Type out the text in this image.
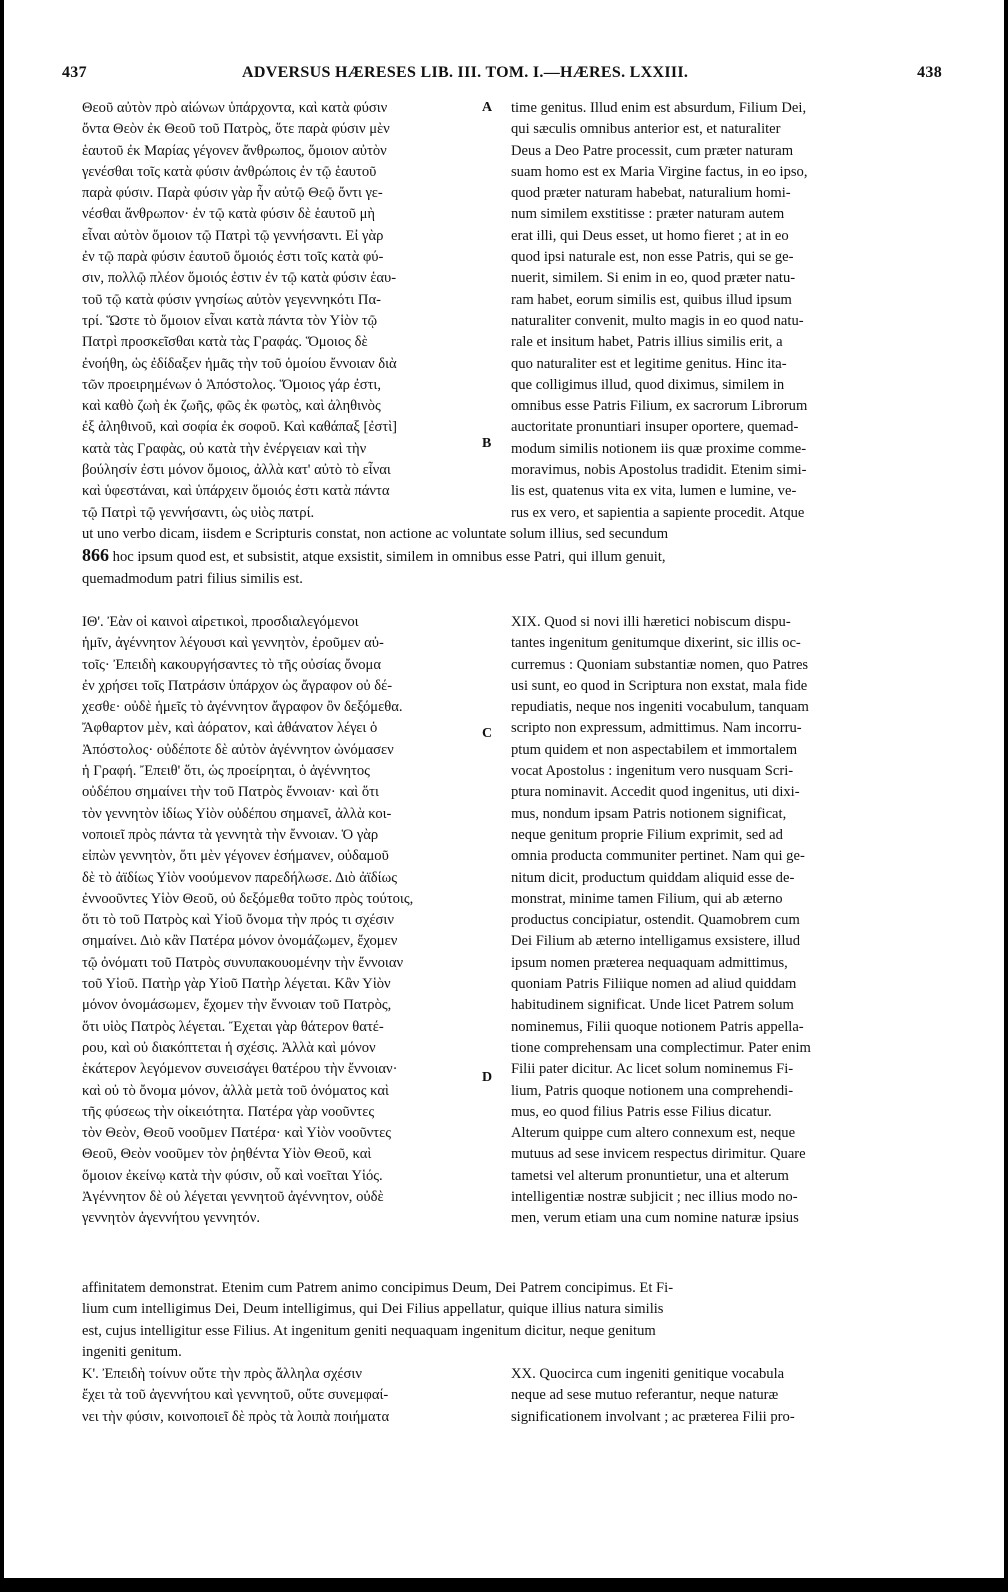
437	ADVERSUS HÆRESES LIB. III. TOM. I.—HÆRES. LXXIII.	438
Θεοῦ αὐτὸν πρὸ αἰώνων ὑπάρχοντα, καὶ κατὰ φύσιν
ὄντα Θεὸν ἐκ Θεοῦ τοῦ Πατρὸς, ὅτε παρὰ φύσιν μὲν
ἑαυτοῦ ἐκ Μαρίας γέγονεν ἄνθρωπος, ὅμοιον αὐτὸν
γενέσθαι τοῖς κατὰ φύσιν ἀνθρώποις ἐν τῷ ἑαυτοῦ
παρὰ φύσιν. Παρὰ φύσιν γὰρ ἦν αὐτῷ Θεῷ ὄντι γε-
νέσθαι ἄνθρωπον· ἐν τῷ κατὰ φύσιν δὲ ἑαυτοῦ μὴ
εἶναι αὐτὸν ὅμοιον τῷ Πατρὶ τῷ γεννήσαντι. Εἰ γὰρ
ἐν τῷ παρὰ φύσιν ἑαυτοῦ ὅμοιός ἐστι τοῖς κατὰ φύ-
σιν, πολλῷ πλέον ὅμοιός ἐστιν ἐν τῷ κατὰ φύσιν ἑαυ-
τοῦ τῷ κατὰ φύσιν γνησίως αὐτὸν γεγεννηκότι Πα-
τρί. Ὥστε τὸ ὅμοιον εἶναι κατὰ πάντα τὸν Υἱὸν τῷ
Πατρὶ προσκεῖσθαι κατὰ τὰς Γραφάς. Ὅμοιος δὲ
ἐνοήθη, ὡς ἐδίδαξεν ἡμᾶς τὴν τοῦ ὁμοίου ἔννοιαν διὰ
τῶν προειρημένων ὁ Ἀπόστολος. Ὅμοιος γάρ ἐστι,
καὶ καθὸ ζωὴ ἐκ ζωῆς, φῶς ἐκ φωτὸς, καὶ ἀληθινὸς
ἐξ ἀληθινοῦ, καὶ σοφία ἐκ σοφοῦ. Καὶ καθάπαξ [ἐστὶ]
κατὰ τὰς Γραφὰς, οὐ κατὰ τὴν ἐνέργειαν καὶ τὴν
βούλησίν ἐστι μόνον ὅμοιος, ἀλλὰ κατ' αὐτὸ τὸ εἶναι
καὶ ὑφεστάναι, καὶ ὑπάρχειν ὅμοιός ἐστι κατὰ πάντα
τῷ Πατρὶ τῷ γεννήσαντι, ὡς υἱὸς πατρί.
time genitus. Illud enim est absurdum, Filium Dei,
qui sæculis omnibus anterior est, et naturaliter
Deus a Deo Patre processit, cum præter naturam
suam homo est ex Maria Virgine factus, in eo ipso,
quod præter naturam habebat, naturalium homi-
num similem exstitisse : præter naturam autem
erat illi, qui Deus esset, ut homo fieret ; at in eo
quod ipsi naturale est, non esse Patris, qui se ge-
nuerit, similem. Si enim in eo, quod præter natu-
ram habet, eorum similis est, quibus illud ipsum
naturaliter convenit, multo magis in eo quod natu-
rale et insitum habet, Patris illius similis erit, a
quo naturaliter est et legitime genitus. Hinc ita-
que colligimus illud, quod diximus, similem in
omnibus esse Patris Filium, ex sacrorum Librorum
auctoritate pronuntiari insuper oportere, quemad-
modum similis notionem iis quæ proxime comme-
moravimus, nobis Apostolus tradidit. Etenim simi-
lis est, quatenus vita ex vita, lumen e lumine, ve-
rus ex vero, et sapientia a sapiente procedit. Atque
A
B
ut uno verbo dicam, iisdem e Scripturis constat, non actione ac voluntate solum illius, sed secundum
866 hoc ipsum quod est, et subsistit, atque exsistit, similem in omnibus esse Patri, qui illum genuit,
quemadmodum patri filius similis est.
ΙΘ'. Ἐὰν οἱ καινοὶ αἱρετικοὶ, προσδιαλεγόμενοι
ἡμῖν, ἀγέννητον λέγουσι καὶ γεννητὸν, ἐροῦμεν αὐ-
τοῖς· Ἐπειδὴ κακουργήσαντες τὸ τῆς οὐσίας ὄνομα
ἐν χρήσει τοῖς Πατράσιν ὑπάρχον ὡς ἄγραφον οὐ δέ-
χεσθε· οὐδὲ ἡμεῖς τὸ ἀγέννητον ἄγραφον ὂν δεξόμεθα.
Ἄφθαρτον μὲν, καὶ ἀόρατον, καὶ ἀθάνατον λέγει ὁ
Ἀπόστολος· οὐδέποτε δὲ αὐτὸν ἀγέννητον ὠνόμασεν
ἡ Γραφή. Ἔπειθ' ὅτι, ὡς προείρηται, ὁ ἀγέννητος
οὐδέπου σημαίνει τὴν τοῦ Πατρὸς ἔννοιαν· καὶ ὅτι
τὸν γεννητὸν ἰδίως Υἱὸν οὐδέπου σημανεῖ, ἀλλὰ κοι-
νοποιεῖ πρὸς πάντα τὰ γεννητὰ τὴν ἔννοιαν. Ὁ γὰρ
εἰπὼν γεννητὸν, ὅτι μὲν γέγονεν ἐσήμανεν, οὐδαμοῦ
δὲ τὸ ἀϊδίως Υἱὸν νοούμενον παρεδήλωσε. Διὸ ἀϊδίως
ἐννοοῦντες Υἱὸν Θεοῦ, οὐ δεξόμεθα τοῦτο πρὸς τούτοις,
ὅτι τὸ τοῦ Πατρὸς καὶ Υἱοῦ ὄνομα τὴν πρός τι σχέσιν
σημαίνει. Διὸ κἂν Πατέρα μόνον ὀνομάζωμεν, ἔχομεν
τῷ ὀνόματι τοῦ Πατρὸς συνυπακουομένην τὴν ἔννοιαν
τοῦ Υἱοῦ. Πατὴρ γὰρ Υἱοῦ Πατὴρ λέγεται. Κἂν Υἱὸν
μόνον ὀνομάσωμεν, ἔχομεν τὴν ἔννοιαν τοῦ Πατρὸς,
ὅτι υἱὸς Πατρὸς λέγεται. Ἔχεται γὰρ θάτερον θατέ-
ρου, καὶ οὐ διακόπτεται ἡ σχέσις. Ἀλλὰ καὶ μόνον
ἑκάτερον λεγόμενον συνεισάγει θατέρου τὴν ἔννοιαν·
καὶ οὐ τὸ ὄνομα μόνον, ἀλλὰ μετὰ τοῦ ὀνόματος καὶ
τῆς φύσεως τὴν οἰκειότητα. Πατέρα γὰρ νοοῦντες
τὸν Θεὸν, Θεοῦ νοοῦμεν Πατέρα· καὶ Υἱὸν νοοῦντες
Θεοῦ, Θεὸν νοοῦμεν τὸν ῥηθέντα Υἱὸν Θεοῦ, καὶ
ὅμοιον ἐκείνῳ κατὰ τὴν φύσιν, οὗ καὶ νοεῖται Υἱός.
Ἀγέννητον δὲ οὐ λέγεται γεννητοῦ ἀγέννητον, οὐδὲ
γεννητὸν ἀγεννήτου γεννητόν.
XIX. Quod si novi illi hæretici nobiscum dispu-
tantes ingenitum genitumque dixerint, sic illis oc-
curremus : Quoniam substantiæ nomen, quo Patres
usi sunt, eo quod in Scriptura non exstat, mala fide
repudiatis, neque nos ingeniti vocabulum, tanquam
scripto non expressum, admittimus. Nam incorru-
ptum quidem et non aspectabilem et immortalem
vocat Apostolus : ingenitum vero nusquam Scri-
ptura nominavit. Accedit quod ingenitus, uti dixi-
mus, nondum ipsam Patris notionem significat,
neque genitum proprie Filium exprimit, sed ad
omnia producta communiter pertinet. Nam qui ge-
nitum dicit, productum quiddam aliquid esse de-
monstrat, minime tamen Filium, qui ab æterno
productus concipiatur, ostendit. Quamobrem cum
Dei Filium ab æterno intelligamus exsistere, illud
ipsum nomen præterea nequaquam admittimus,
quoniam Patris Filiique nomen ad aliud quiddam
habitudinem significat. Unde licet Patrem solum
nominemus, Filii quoque notionem Patris appella-
tione comprehensam una complectimur. Pater enim
Filii pater dicitur. Ac licet solum nominemus Fi-
lium, Patris quoque notionem una comprehendi-
mus, eo quod filius Patris esse Filius dicatur.
Alterum quippe cum altero connexum est, neque
mutuus ad sese invicem respectus dirimitur. Quare
tametsi vel alterum pronuntietur, una et alterum
intelligentiæ nostræ subjicit ; nec illius modo no-
men, verum etiam una cum nomine naturæ ipsius
C
D
affinitatem demonstrat. Etenim cum Patrem animo concipimus Deum, Dei Patrem concipimus. Et Fi-
lium cum intelligimus Dei, Deum intelligimus, qui Dei Filius appellatur, quique illius natura similis
est, cujus intelligitur esse Filius. At ingenitum geniti nequaquam ingenitum dicitur, neque genitum
ingeniti genitum.
Κ'. Ἐπειδὴ τοίνυν οὔτε τὴν πρὸς ἄλληλα σχέσιν
ἔχει τὰ τοῦ ἀγεννήτου καὶ γεννητοῦ, οὔτε συνεμφαί-
νει τὴν φύσιν, κοινοποιεῖ δὲ πρὸς τὰ λοιπὰ ποιήματα
XX. Quocirca cum ingeniti genitique vocabula
neque ad sese mutuo referantur, neque naturæ
significationem involvant ; ac præterea Filii pro-
